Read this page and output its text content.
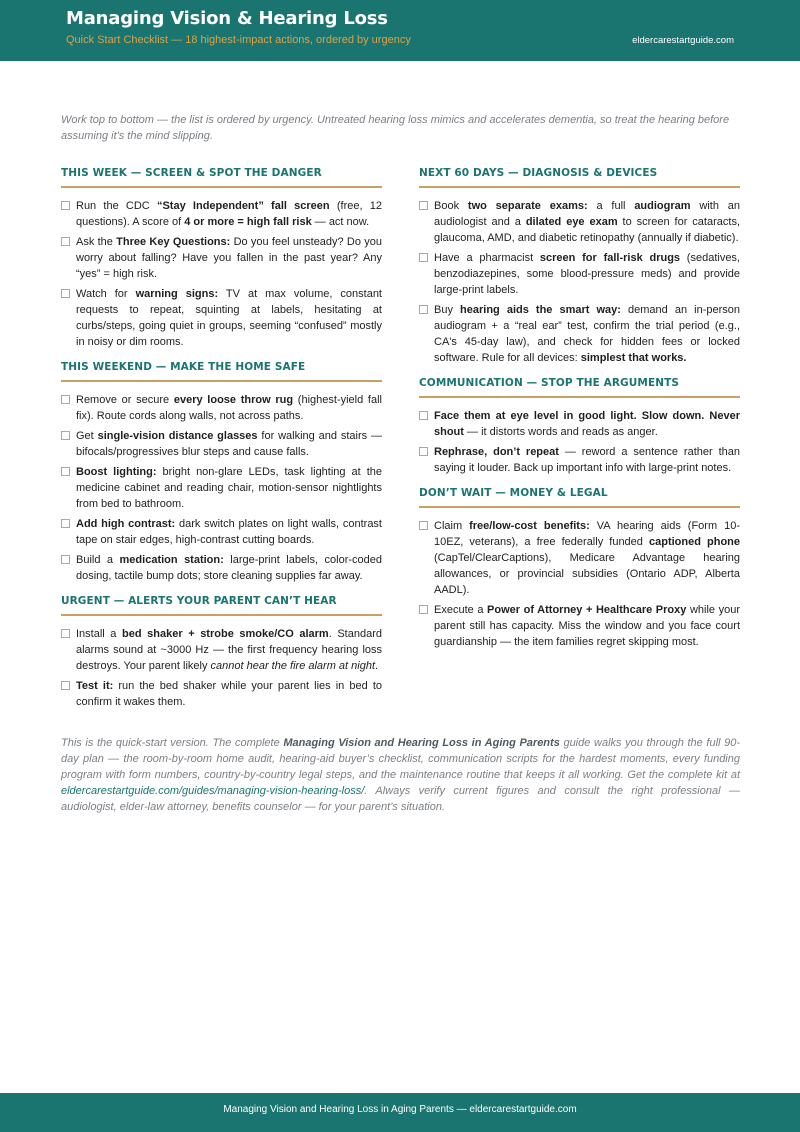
Managing Vision & Hearing Loss
Quick Start Checklist — 18 highest-impact actions, ordered by urgency	eldercarestartguide.com
Work top to bottom — the list is ordered by urgency. Untreated hearing loss mimics and accelerates dementia, so treat the hearing before assuming it's the mind slipping.
THIS WEEK — SCREEN & SPOT THE DANGER
Run the CDC “Stay Independent” fall screen (free, 12 questions). A score of 4 or more = high fall risk — act now.
Ask the Three Key Questions: Do you feel unsteady? Do you worry about falling? Have you fallen in the past year? Any “yes” = high risk.
Watch for warning signs: TV at max volume, constant requests to repeat, squinting at labels, hesitating at curbs/steps, going quiet in groups, seeming “confused” mostly in noisy or dim rooms.
THIS WEEKEND — MAKE THE HOME SAFE
Remove or secure every loose throw rug (highest-yield fall fix). Route cords along walls, not across paths.
Get single-vision distance glasses for walking and stairs — bifocals/progressives blur steps and cause falls.
Boost lighting: bright non-glare LEDs, task lighting at the medicine cabinet and reading chair, motion-sensor nightlights from bed to bathroom.
Add high contrast: dark switch plates on light walls, contrast tape on stair edges, high-contrast cutting boards.
Build a medication station: large-print labels, color-coded dosing, tactile bump dots; store cleaning supplies far away.
URGENT — ALERTS YOUR PARENT CAN’T HEAR
Install a bed shaker + strobe smoke/CO alarm. Standard alarms sound at ~3000 Hz — the first frequency hearing loss destroys. Your parent likely cannot hear the fire alarm at night.
Test it: run the bed shaker while your parent lies in bed to confirm it wakes them.
NEXT 60 DAYS — DIAGNOSIS & DEVICES
Book two separate exams: a full audiogram with an audiologist and a dilated eye exam to screen for cataracts, glaucoma, AMD, and diabetic retinopathy (annually if diabetic).
Have a pharmacist screen for fall-risk drugs (sedatives, benzodiazepines, some blood-pressure meds) and provide large-print labels.
Buy hearing aids the smart way: demand an in-person audiogram + a “real ear” test, confirm the trial period (e.g., CA's 45-day law), and check for hidden fees or locked software. Rule for all devices: simplest that works.
COMMUNICATION — STOP THE ARGUMENTS
Face them at eye level in good light. Slow down. Never shout — it distorts words and reads as anger.
Rephrase, don’t repeat — reword a sentence rather than saying it louder. Back up important info with large-print notes.
DON’T WAIT — MONEY & LEGAL
Claim free/low-cost benefits: VA hearing aids (Form 10-10EZ, veterans), a free federally funded captioned phone (CapTel/ClearCaptions), Medicare Advantage hearing allowances, or provincial subsidies (Ontario ADP, Alberta AADL).
Execute a Power of Attorney + Healthcare Proxy while your parent still has capacity. Miss the window and you face court guardianship — the item families regret skipping most.
This is the quick-start version. The complete Managing Vision and Hearing Loss in Aging Parents guide walks you through the full 90-day plan — the room-by-room home audit, hearing-aid buyer’s checklist, communication scripts for the hardest moments, every funding program with form numbers, country-by-country legal steps, and the maintenance routine that keeps it all working. Get the complete kit at eldercarestartguide.com/guides/managing-vision-hearing-loss/. Always verify current figures and consult the right professional — audiologist, elder-law attorney, benefits counselor — for your parent’s situation.
Managing Vision and Hearing Loss in Aging Parents — eldercarestartguide.com
